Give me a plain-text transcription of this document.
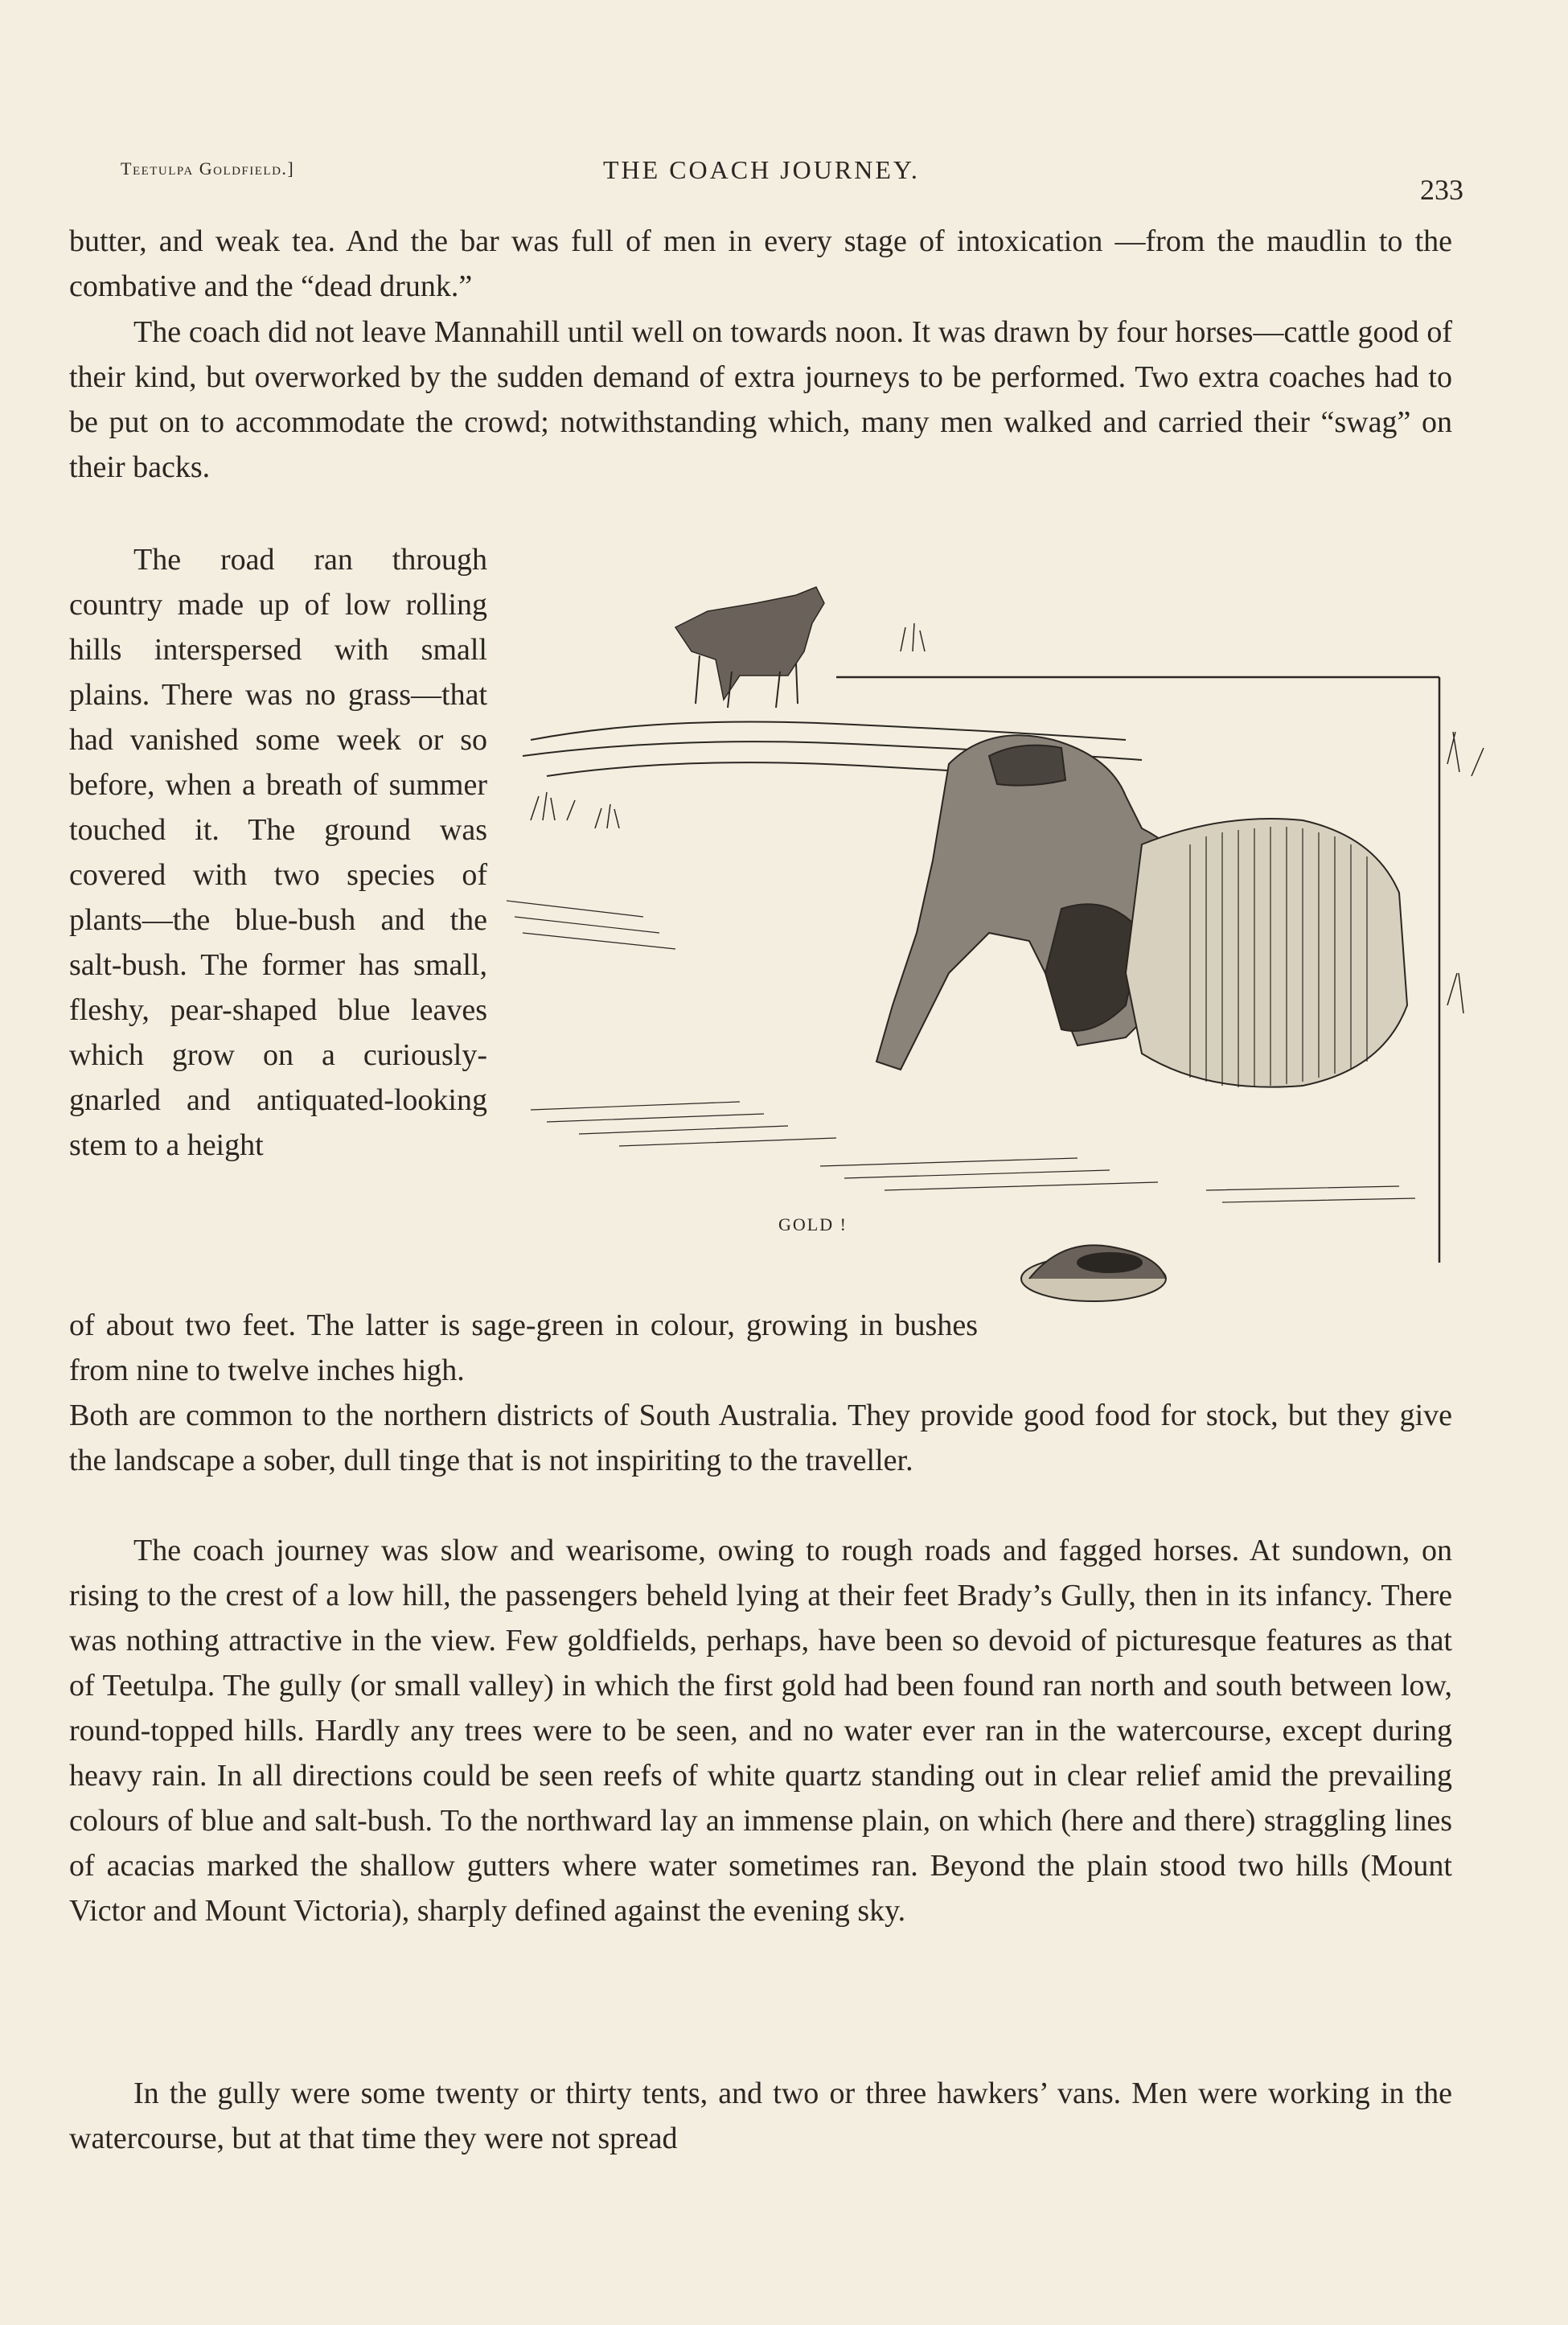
Teetulpa Goldfield.]	THE COACH JOURNEY.
233

butter, and weak tea. And the bar was full of men in every stage of intoxication —from the maudlin to the combative and the “dead drunk.”

The coach did not leave Mannahill until well on towards noon. It was drawn by four horses—cattle good of their kind, but overworked by the sudden demand of extra journeys to be performed. Two extra coaches had to be put on to accommodate the crowd; notwithstanding which, many men walked and carried their “swag” on their backs.

The road ran through country made up of low rolling hills interspersed with small plains. There was no grass—that had vanished some week or so before, when a breath of summer touched it. The ground was covered with two species of plants—the blue-bush and the salt-bush. The former has small, fleshy, pear-shaped blue leaves which grow on a curiously-gnarled and antiquated-looking stem to a height

of about two feet. The latter is sage-green in colour, growing in bushes from nine to twelve inches high.

Both are common to the northern districts of South Australia. They provide good food for stock, but they give the landscape a sober, dull tinge that is not inspiriting to the traveller.

The coach journey was slow and wearisome, owing to rough roads and fagged horses. At sundown, on rising to the crest of a low hill, the passengers beheld lying at their feet Brady’s Gully, then in its infancy. There was nothing attractive in the view. Few goldfields, perhaps, have been so devoid of picturesque features as that of Teetulpa. The gully (or small valley) in which the first gold had been found ran north and south between low, round-topped hills. Hardly any trees were to be seen, and no water ever ran in the watercourse, except during heavy rain. In all directions could be seen reefs of white quartz standing out in clear relief amid the prevailing colours of blue and salt-bush. To the northward lay an immense plain, on which (here and there) straggling lines of acacias marked the shallow gutters where water sometimes ran. Beyond the plain stood two hills (Mount Victor and Mount Victoria), sharply defined against the evening sky.

In the gully were some twenty or thirty tents, and two or three hawkers’ vans. Men were working in the watercourse, but at that time they were not spread

GOLD !
